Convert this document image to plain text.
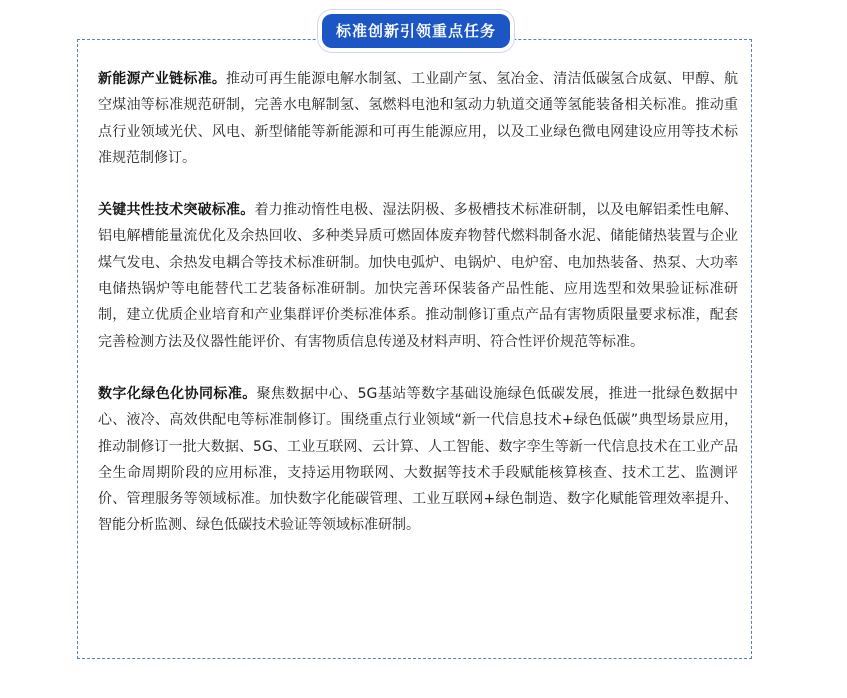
标准创新引领重点任务

新能源产业链标准。推动可再生能源电解水制氢、工业副产氢、氢冶金、清洁低碳氢合成氨、甲醇、航空煤油等标准规范研制，完善水电解制氢、氢燃料电池和氢动力轨道交通等氢能装备相关标准。推动重点行业领域光伏、风电、新型储能等新能源和可再生能源应用，以及工业绿色微电网建设应用等技术标准规范制修订。

关键共性技术突破标准。着力推动惰性电极、湿法阴极、多极槽技术标准研制，以及电解铝柔性电解、铝电解槽能量流优化及余热回收、多种类异质可燃固体废弃物替代燃料制备水泥、储能储热装置与企业煤气发电、余热发电耦合等技术标准研制。加快电弧炉、电锅炉、电炉窑、电加热装备、热泵、大功率电储热锅炉等电能替代工艺装备标准研制。加快完善环保装备产品性能、应用选型和效果验证标准研制，建立优质企业培育和产业集群评价类标准体系。推动制修订重点产品有害物质限量要求标准，配套完善检测方法及仪器性能评价、有害物质信息传递及材料声明、符合性评价规范等标准。

数字化绿色化协同标准。聚焦数据中心、5G基站等数字基础设施绿色低碳发展，推进一批绿色数据中心、液冷、高效供配电等标准制修订。围绕重点行业领域“新一代信息技术+绿色低碳”典型场景应用，推动制修订一批大数据、5G、工业互联网、云计算、人工智能、数字孪生等新一代信息技术在工业产品全生命周期阶段的应用标准，支持运用物联网、大数据等技术手段赋能核算核查、技术工艺、监测评价、管理服务等领域标准。加快数字化能碳管理、工业互联网+绿色制造、数字化赋能管理效率提升、智能分析监测、绿色低碳技术验证等领域标准研制。
